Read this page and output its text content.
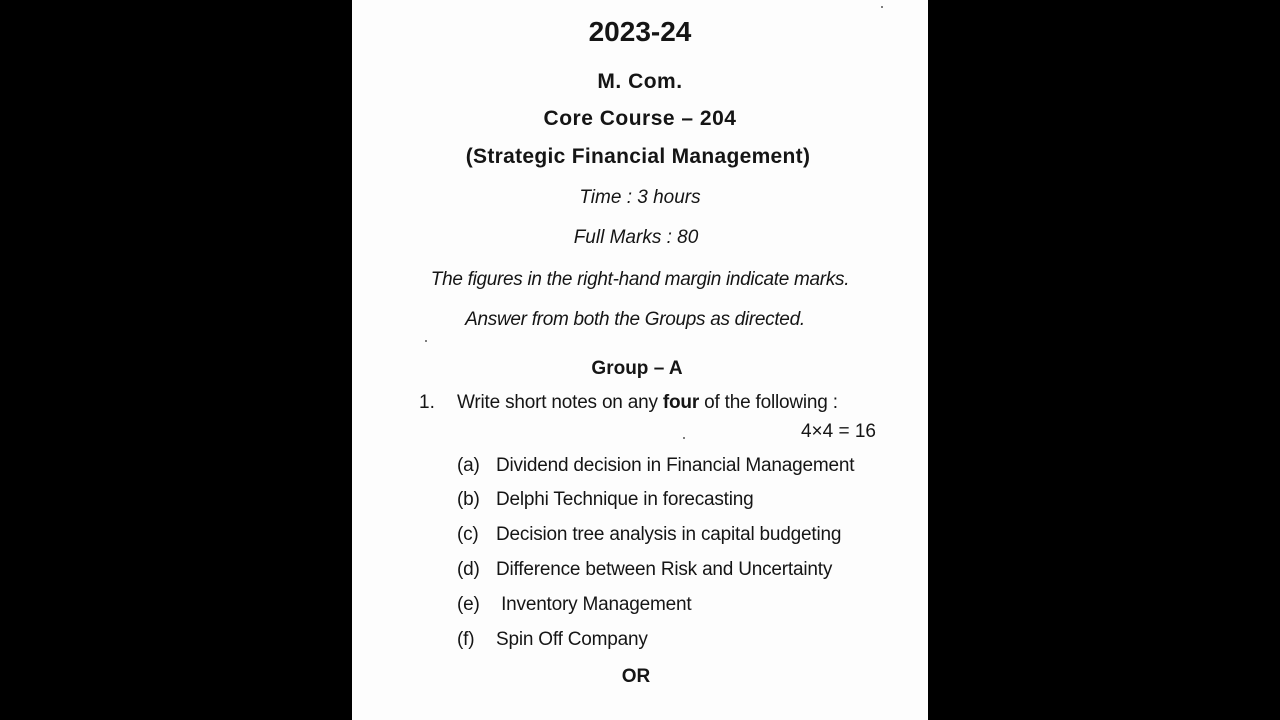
2023-24
M. Com.
Core Course – 204
(Strategic Financial Management)
Time : 3 hours
Full Marks : 80
The figures in the right-hand margin indicate marks.
Answer from both the Groups as directed.
Group – A
1. Write short notes on any four of the following :
4×4 = 16
(a) Dividend decision in Financial Management
(b) Delphi Technique in forecasting
(c) Decision tree analysis in capital budgeting
(d) Difference between Risk and Uncertainty
(e) Inventory Management
(f) Spin Off Company
OR
